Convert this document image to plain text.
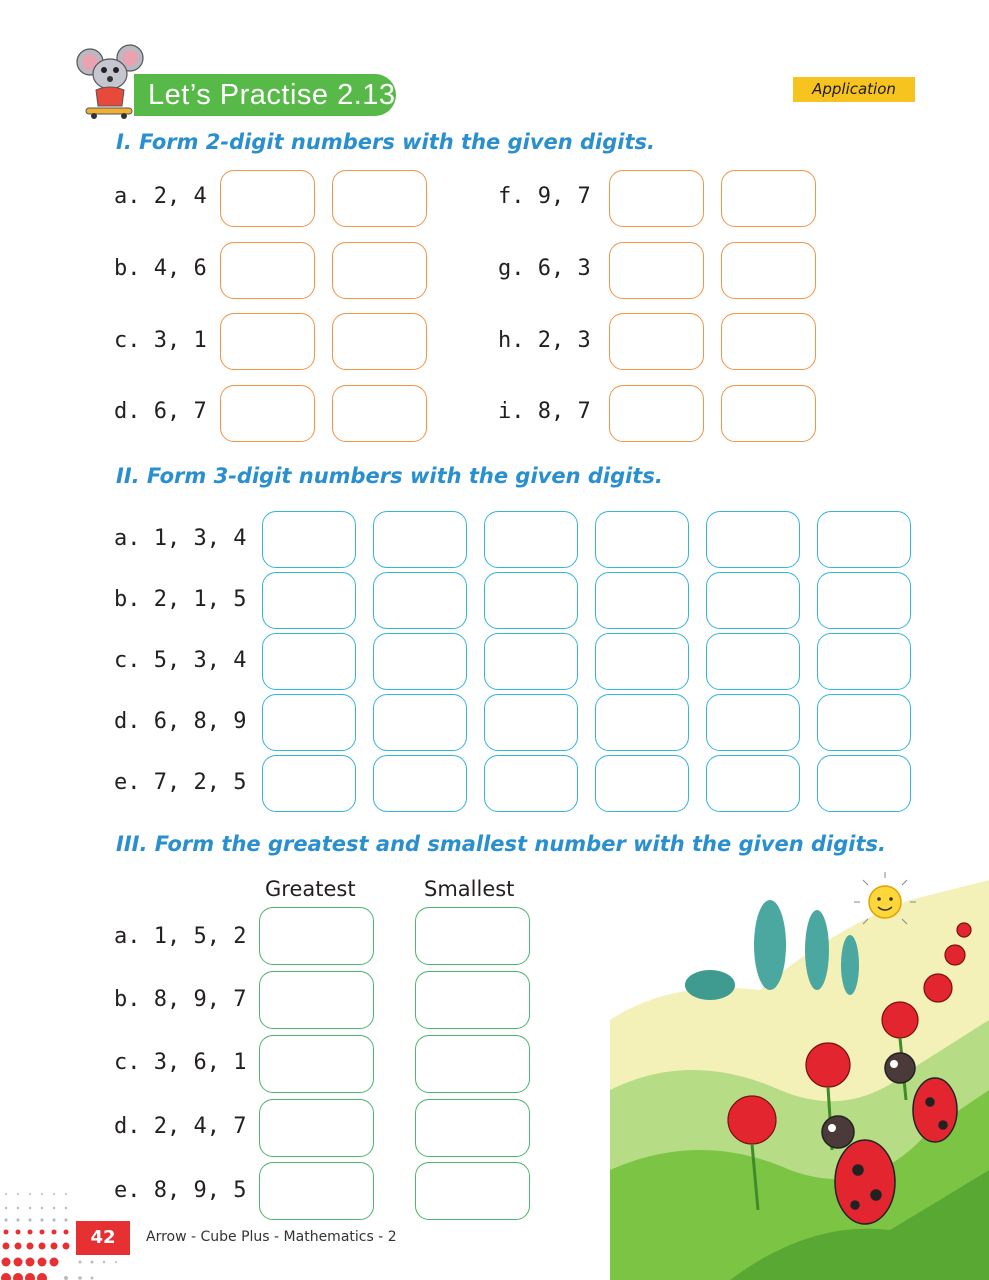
Let’s Practise 2.13	Application
I. Form 2-digit numbers with the given digits.
a. 2, 4
b. 4, 6
c. 3, 1
d. 6, 7
f. 9, 7
g. 6, 3
h. 2, 3
i. 8, 7
II. Form 3-digit numbers with the given digits.
a. 1, 3, 4
b. 2, 1, 5
c. 5, 3, 4
d. 6, 8, 9
e. 7, 2, 5
III. Form the greatest and smallest number with the given digits.
Greatest	Smallest
a. 1, 5, 2
b. 8, 9, 7
c. 3, 6, 1
d. 2, 4, 7
e. 8, 9, 5
42	Arrow - Cube Plus - Mathematics - 2
